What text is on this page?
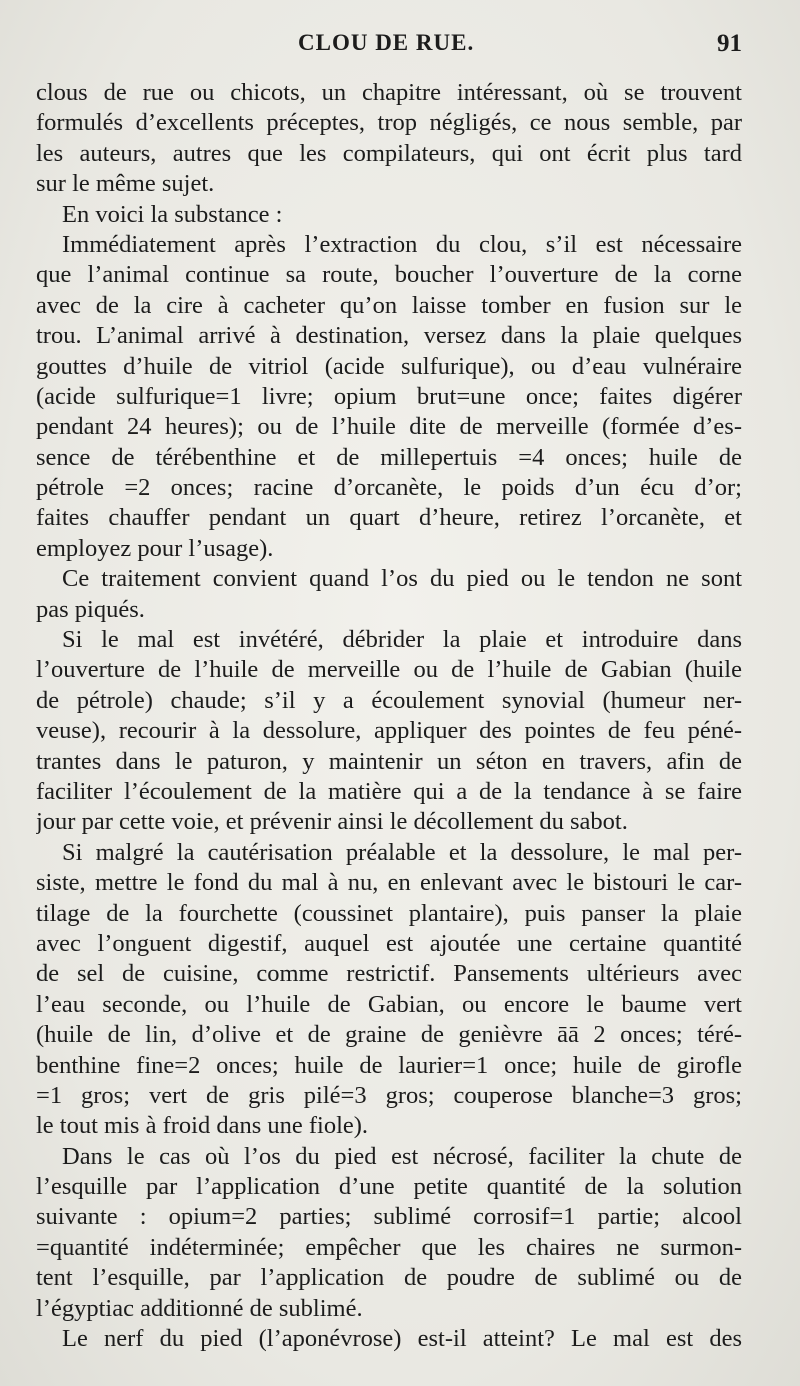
CLOU DE RUE.	91
clous de rue ou chicots, un chapitre intéressant, où se trouvent
formulés d’excellents préceptes, trop négligés, ce nous semble, par
les auteurs, autres que les compilateurs, qui ont écrit plus tard
sur le même sujet.
En voici la substance :
Immédiatement après l’extraction du clou, s’il est nécessaire
que l’animal continue sa route, boucher l’ouverture de la corne
avec de la cire à cacheter qu’on laisse tomber en fusion sur le
trou. L’animal arrivé à destination, versez dans la plaie quelques
gouttes d’huile de vitriol (acide sulfurique), ou d’eau vulnéraire
(acide sulfurique=1 livre; opium brut=une once; faites digérer
pendant 24 heures); ou de l’huile dite de merveille (formée d’es-
sence de térébenthine et de millepertuis =4 onces; huile de
pétrole =2 onces; racine d’orcanète, le poids d’un écu d’or;
faites chauffer pendant un quart d’heure, retirez l’orcanète, et
employez pour l’usage).
Ce traitement convient quand l’os du pied ou le tendon ne sont
pas piqués.
Si le mal est invétéré, débrider la plaie et introduire dans
l’ouverture de l’huile de merveille ou de l’huile de Gabian (huile
de pétrole) chaude; s’il y a écoulement synovial (humeur ner-
veuse), recourir à la dessolure, appliquer des pointes de feu péné-
trantes dans le paturon, y maintenir un séton en travers, afin de
faciliter l’écoulement de la matière qui a de la tendance à se faire
jour par cette voie, et prévenir ainsi le décollement du sabot.
Si malgré la cautérisation préalable et la dessolure, le mal per-
siste, mettre le fond du mal à nu, en enlevant avec le bistouri le car-
tilage de la fourchette (coussinet plantaire), puis panser la plaie
avec l’onguent digestif, auquel est ajoutée une certaine quantité
de sel de cuisine, comme restrictif. Pansements ultérieurs avec
l’eau seconde, ou l’huile de Gabian, ou encore le baume vert
(huile de lin, d’olive et de graine de genièvre āā 2 onces; téré-
benthine fine=2 onces; huile de laurier=1 once; huile de girofle
=1 gros; vert de gris pilé=3 gros; couperose blanche=3 gros;
le tout mis à froid dans une fiole).
Dans le cas où l’os du pied est nécrosé, faciliter la chute de
l’esquille par l’application d’une petite quantité de la solution
suivante : opium=2 parties; sublimé corrosif=1 partie; alcool
=quantité indéterminée; empêcher que les chaires ne surmon-
tent l’esquille, par l’application de poudre de sublimé ou de
l’égyptiac additionné de sublimé.
Le nerf du pied (l’aponévrose) est-il atteint? Le mal est des
